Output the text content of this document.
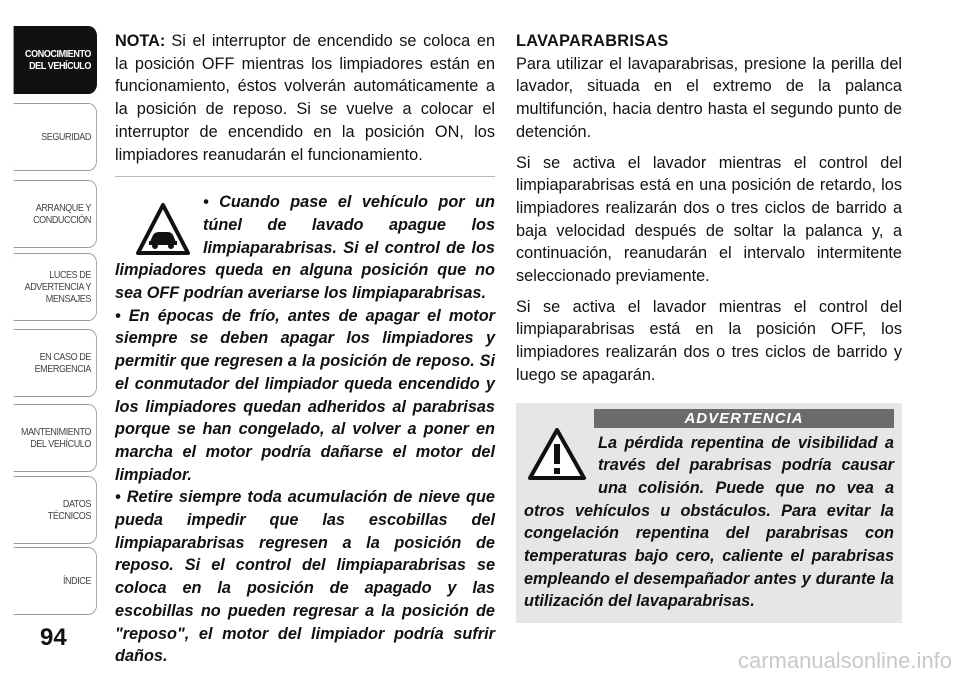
CONOCIMIENTO
DEL VEHÍCULO
SEGURIDAD
ARRANQUE Y
CONDUCCIÓN
LUCES DE
ADVERTENCIA Y
MENSAJES
EN CASO DE
EMERGENCIA
MANTENIMIENTO
DEL VEHÍCULO
DATOS
TÉCNICOS
ÍNDICE
94

NOTA: Si el interruptor de encendido se coloca en la posición OFF mientras los limpiadores están en funcionamiento, éstos volverán automáticamente a la posición de reposo. Si se vuelve a colocar el interruptor de encendido en la posición ON, los limpiadores reanudarán el funcionamiento.

• Cuando pase el vehículo por un túnel de lavado apague los limpiaparabrisas. Si el control de los limpiadores queda en alguna posición que no sea OFF podrían averiarse los limpiaparabrisas.

• En épocas de frío, antes de apagar el motor siempre se deben apagar los limpiadores y permitir que regresen a la posición de reposo. Si el conmutador del limpiador queda encendido y los limpiadores quedan adheridos al parabrisas porque se han congelado, al volver a poner en marcha el motor podría dañarse el motor del limpiador.

• Retire siempre toda acumulación de nieve que pueda impedir que las escobillas del limpiaparabrisas regresen a la posición de reposo. Si el control del limpiaparabrisas se coloca en la posición de apagado y las escobillas no pueden regresar a la posición de "reposo", el motor del limpiador podría sufrir daños.

LAVAPARABRISAS

Para utilizar el lavaparabrisas, presione la perilla del lavador, situada en el extremo de la palanca multifunción, hacia dentro hasta el segundo punto de detención.

Si se activa el lavador mientras el control del limpiaparabrisas está en una posición de retardo, los limpiadores realizarán dos o tres ciclos de barrido a baja velocidad después de soltar la palanca y, a continuación, reanudarán el intervalo intermitente seleccionado previamente.

Si se activa el lavador mientras el control del limpiaparabrisas está en la posición OFF, los limpiadores realizarán dos o tres ciclos de barrido y luego se apagarán.

ADVERTENCIA

La pérdida repentina de visibilidad a través del parabrisas podría causar una colisión. Puede que no vea a otros vehículos u obstáculos. Para evitar la congelación repentina del parabrisas con temperaturas bajo cero, caliente el parabrisas empleando el desempañador antes y durante la utilización del lavaparabrisas.

carmanualsonline.info
